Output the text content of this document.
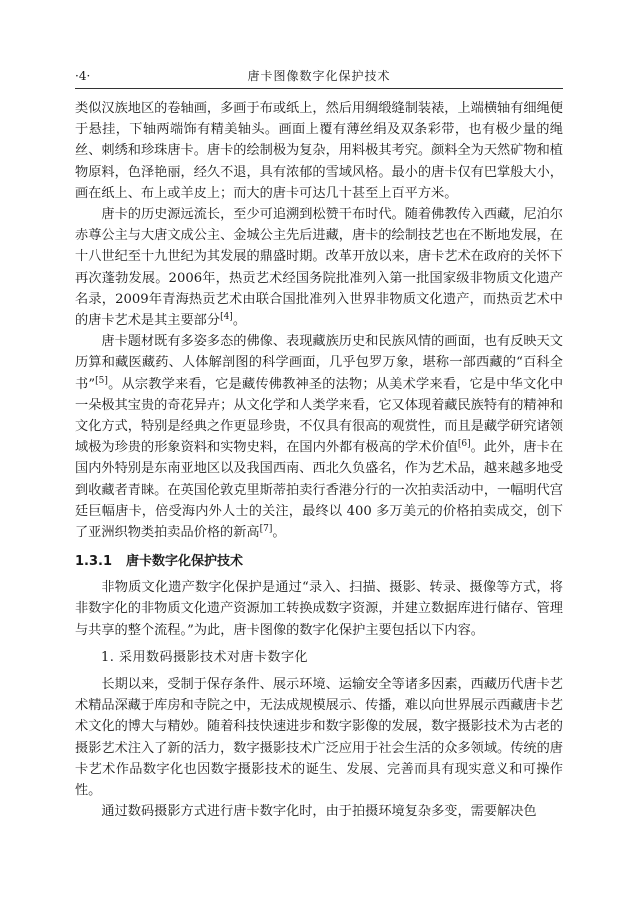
·4·	唐卡图像数字化保护技术

类似汉族地区的卷轴画，多画于布或纸上，然后用绸缎缝制装裱，上端横轴有细绳便于悬挂，下轴两端饰有精美轴头。画面上覆有薄丝绢及双条彩带，也有极少量的绳丝、刺绣和珍珠唐卡。唐卡的绘制极为复杂，用料极其考究。颜料全为天然矿物和植物原料，色泽艳丽，经久不退，具有浓郁的雪域风格。最小的唐卡仅有巴掌般大小，画在纸上、布上或羊皮上；而大的唐卡可达几十甚至上百平方米。

唐卡的历史源远流长，至少可追溯到松赞干布时代。随着佛教传入西藏，尼泊尔赤尊公主与大唐文成公主、金城公主先后进藏，唐卡的绘制技艺也在不断地发展，在十八世纪至十九世纪为其发展的鼎盛时期。改革开放以来，唐卡艺术在政府的关怀下再次蓬勃发展。2006年，热贡艺术经国务院批准列入第一批国家级非物质文化遗产名录，2009年青海热贡艺术由联合国批准列入世界非物质文化遗产，而热贡艺术中的唐卡艺术是其主要部分[4]。

唐卡题材既有多姿多态的佛像、表现藏族历史和民族风情的画面，也有反映天文历算和藏医藏药、人体解剖图的科学画面，几乎包罗万象，堪称一部西藏的“百科全书”[5]。从宗教学来看，它是藏传佛教神圣的法物；从美术学来看，它是中华文化中一朵极其宝贵的奇花异卉；从文化学和人类学来看，它又体现着藏民族特有的精神和文化方式，特别是经典之作更显珍贵，不仅具有很高的观赏性，而且是藏学研究诸领域极为珍贵的形象资料和实物史料，在国内外都有极高的学术价值[6]。此外，唐卡在国内外特别是东南亚地区以及我国西南、西北久负盛名，作为艺术品，越来越多地受到收藏者青睐。在英国伦敦克里斯蒂拍卖行香港分行的一次拍卖活动中，一幅明代宫廷巨幅唐卡，倍受海内外人士的关注，最终以 400 多万美元的价格拍卖成交，创下了亚洲织物类拍卖品价格的新高[7]。

1.3.1 唐卡数字化保护技术

非物质文化遗产数字化保护是通过“录入、扫描、摄影、转录、摄像等方式，将非数字化的非物质文化遗产资源加工转换成数字资源，并建立数据库进行储存、管理与共享的整个流程。”为此，唐卡图像的数字化保护主要包括以下内容。

1. 采用数码摄影技术对唐卡数字化

长期以来，受制于保存条件、展示环境、运输安全等诸多因素，西藏历代唐卡艺术精品深藏于库房和寺院之中，无法成规模展示、传播，难以向世界展示西藏唐卡艺术文化的博大与精妙。随着科技快速进步和数字影像的发展，数字摄影技术为古老的摄影艺术注入了新的活力，数字摄影技术广泛应用于社会生活的众多领域。传统的唐卡艺术作品数字化也因数字摄影技术的诞生、发展、完善而具有现实意义和可操作性。

通过数码摄影方式进行唐卡数字化时，由于拍摄环境复杂多变，需要解决色
